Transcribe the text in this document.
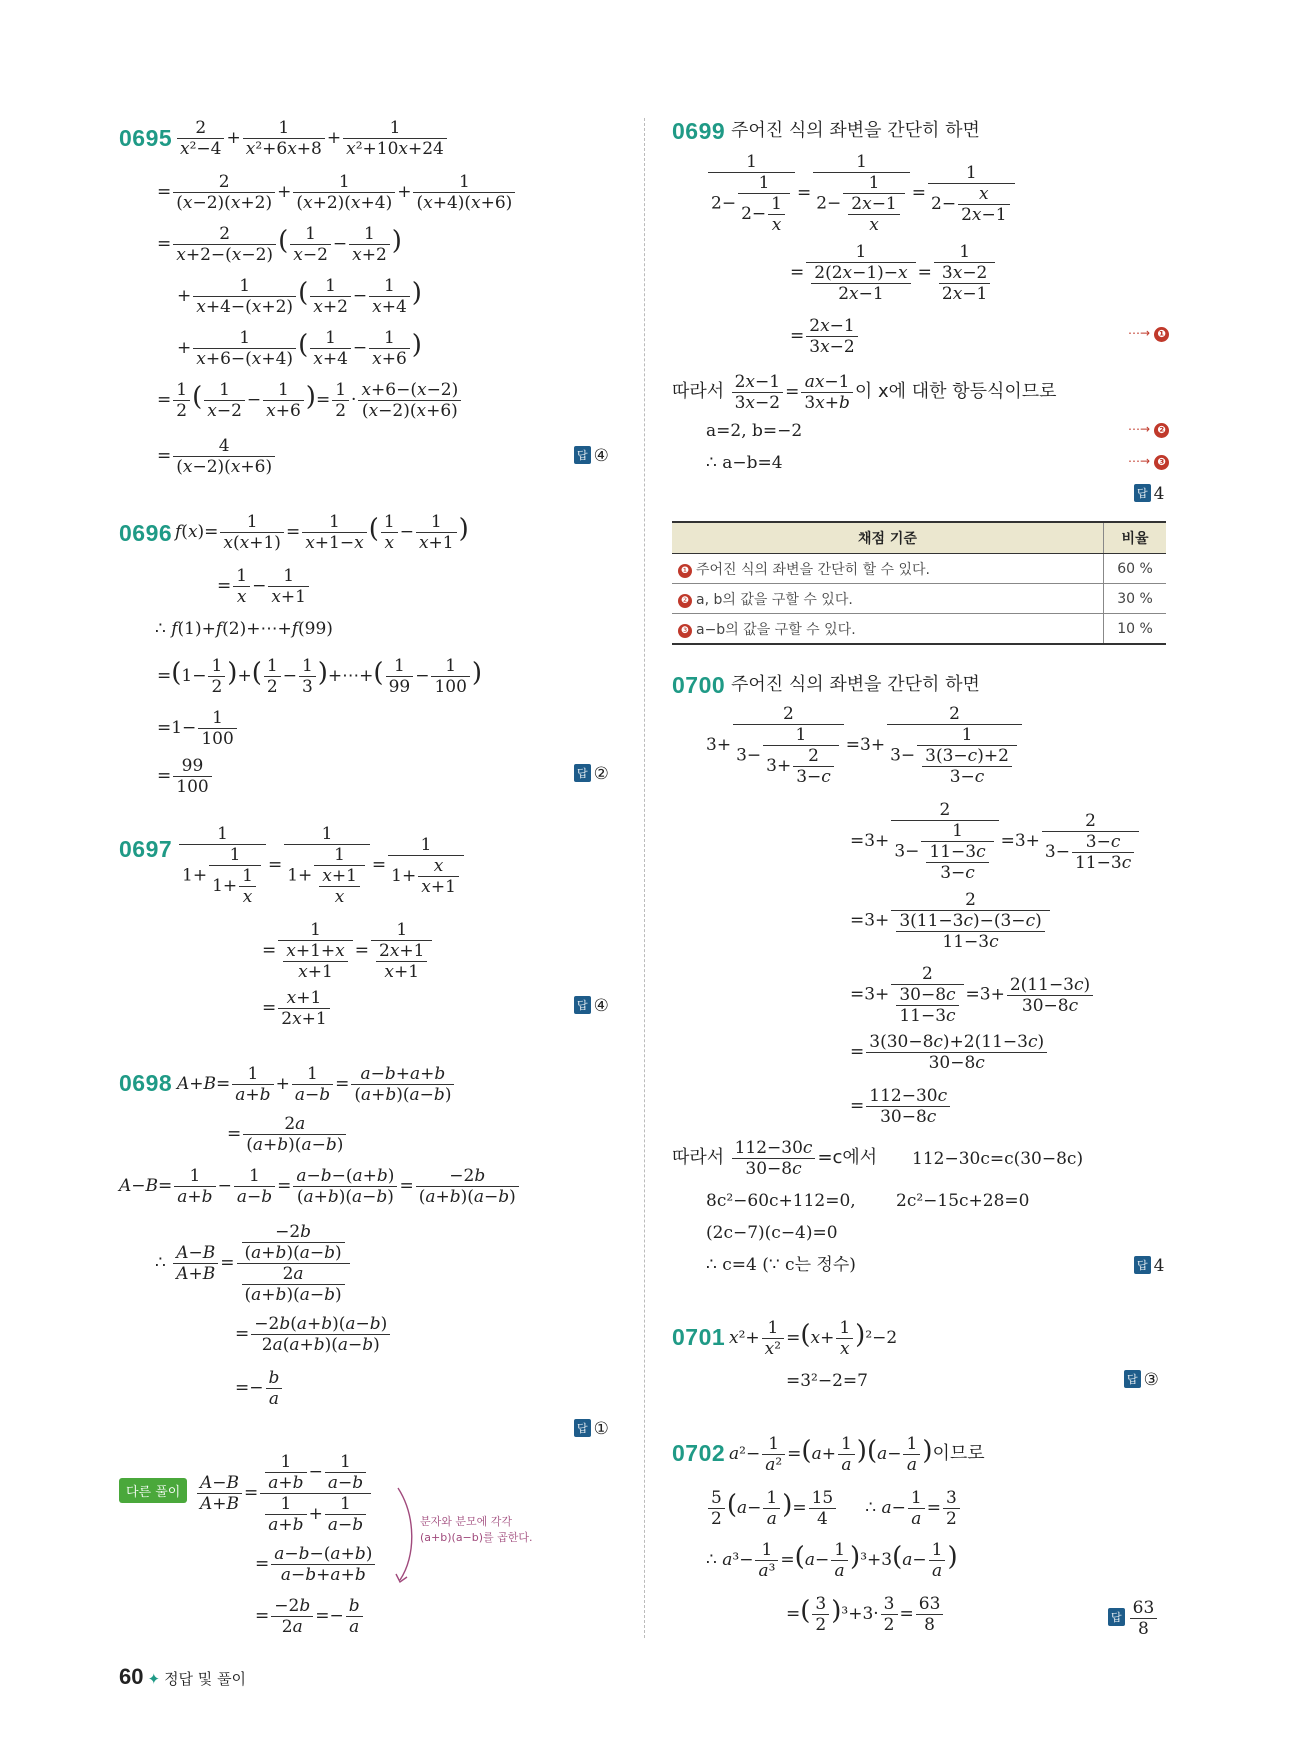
$0695 \frac{2}{\text{x²−4}} + \frac{1}{\text{x²+6x+8}} + \frac{1}{\text{x²+10x+24}}$
= $\frac{2}{(x-2)(x+2)} + \frac{1}{(x+2)(x+4)} + \frac{1}{(x+4)(x+6)}$
= $\frac{2}{x+2-(x-2)}$ ( $\frac{1}{x-2} - \frac{1}{x+2}$ )
+ $\frac{1}{x+4-(x+2)}$ ( $\frac{1}{x+2} - \frac{1}{x+4}$ )
+ $\frac{1}{x+6-(x+4)}$ ( $\frac{1}{x+4} - \frac{1}{x+6}$ )
= $\frac{1}{2}$ ( $\frac{1}{x-2} - \frac{1}{x+6}$ )= $\frac{1}{2} \cdot \frac{x+6-(x-2)}{(x-2)(x+6)}$
= $\frac{4}{(x-2)(x+6)}$	답 ④
0696 $f(x)= \frac{1}{x(x+1)} = \frac{1}{x+1-x}$ ( $\frac{1}{x} - \frac{1}{x+1}$ )
= $\frac{1}{x} - \frac{1}{x+1}$
∴ f(1)+f(2)+⋯+f(99)
$=(1- \frac{1}{2}$ )+( $\frac{1}{2} - \frac{1}{3}$ )+⋯+( $\frac{1}{99} - \frac{1}{100}$ )
$=1- \frac{1}{100}$
= $\frac{99}{100}$	답 ②
$0697 \frac{1}{1+ \frac{1}{1+ \frac{1}{x}}} = \frac{1}{1+ \frac{1}{\frac{x+1}{x}}} = \frac{1}{1+ \frac{x}{x+1}}$
= $\frac{1}{\frac{x+1+x}{x+1}} = \frac{1}{\frac{2x+1}{x+1}}$
= $\frac{x+1}{2x+1}$	답 ④
0698 $A+B= \frac{1}{a+b} + \frac{1}{a-b} = \frac{a-b+a+b}{(a+b)(a-b)}$
= $\frac{2a}{(a+b)(a-b)}$
$A-B= \frac{1}{a+b} - \frac{1}{a-b} = \frac{a-b-(a+b)}{(a+b)(a-b)} = \frac{-2b}{(a+b)(a-b)}$
∴ $\frac{A-B}{A+B} = \frac{\frac{-2b}{(a+b)(a-b)}}{\frac{2a}{(a+b)(a-b)}}$
= $\frac{-2b(a+b)(a-b)}{2a(a+b)(a-b)}$
=− $\frac{b}{a}$
답 ①
다른 풀이 $\frac{A-B}{A+B} = \frac{\frac{1}{a+b} - \frac{1}{a-b}}{\frac{1}{a+b} + \frac{1}{a-b}}$	분자와 분모에 각각
(a+b)(a−b)를 곱한다.
= $\frac{a-b-(a+b)}{a-b+a+b}$
= $\frac{-2b}{2a} =- \frac{b}{a}$
0699 주어진 식의 좌변을 간단히 하면
$\frac{1}{2- \frac{1}{2- \frac{1}{x}}} = \frac{1}{2- \frac{1}{\frac{2x-1}{x}}} = \frac{1}{2- \frac{x}{2x-1}}$
= $\frac{1}{\frac{2(2x-1)-x}{2x-1}} = \frac{1}{\frac{3x-2}{2x-1}}$
= $\frac{2x-1}{3x-2}$	⋯→ ❶
따라서 $\frac{2x-1}{3x-2} = \frac{ax-1}{3x+b}$ 이 x에 대한 항등식이므로
a=2, b=−2	⋯→ ❷
∴ a−b=4	⋯→ ❸
답 4
채점 기준	비율
❶ 주어진 식의 좌변을 간단히 할 수 있다.	60 %
❷ a, b의 값을 구할 수 있다.	30 %
❸ a−b의 값을 구할 수 있다.	10 %
0700 주어진 식의 좌변을 간단히 하면
$3+ \frac{2}{3- \frac{1}{3+ \frac{2}{3-c}}} =3+ \frac{2}{3- \frac{1}{\frac{3(3-c)+2}{3-c}}}$
$=3+ \frac{2}{3- \frac{1}{\frac{11-3c}{3-c}}} =3+ \frac{2}{3- \frac{3-c}{11-3c}}$
$=3+ \frac{2}{\frac{3(11-3c)-(3-c)}{11-3c}}$
$=3+ \frac{2}{\frac{30-8c}{11-3c}} =3+ \frac{2(11-3c)}{30-8c}$
= $\frac{3(30-8c)+2(11-3c)}{30-8c}$
= $\frac{112-30c}{30-8c}$
따라서 $\frac{112-30c}{30-8c} =c$에서 112−30c=c(30−8c)
8c²−60c+112=0, 2c²−15c+28=0
(2c−7)(c−4)=0
∴ c=4 (∵ c는 정수)	답 4
0701 $x^2+ \frac{1}{\text{x²}} =(x+ \frac{1}{x} )^2-2$
=3²−2=7	답 ③
0702 $a^2- \frac{1}{\text{a²}} =(a+ \frac{1}{a} )(a- \frac{1}{a}$ )이므로
$\frac{5}{2} (a- \frac{1}{a}$ )= $\frac{15}{4}$ ∴ $a- \frac{1}{a} = \frac{3}{2}$
∴ $a^3- \frac{1}{\text{a³}} =(a- \frac{1}{a} )^3+3(a- \frac{1}{a}$ )
=( $\frac{3}{2} )^3+3\cdot \frac{3}{2} = \frac{63}{8}$	답 $\frac{63}{8}$
60 ✦ 정답 및 풀이
